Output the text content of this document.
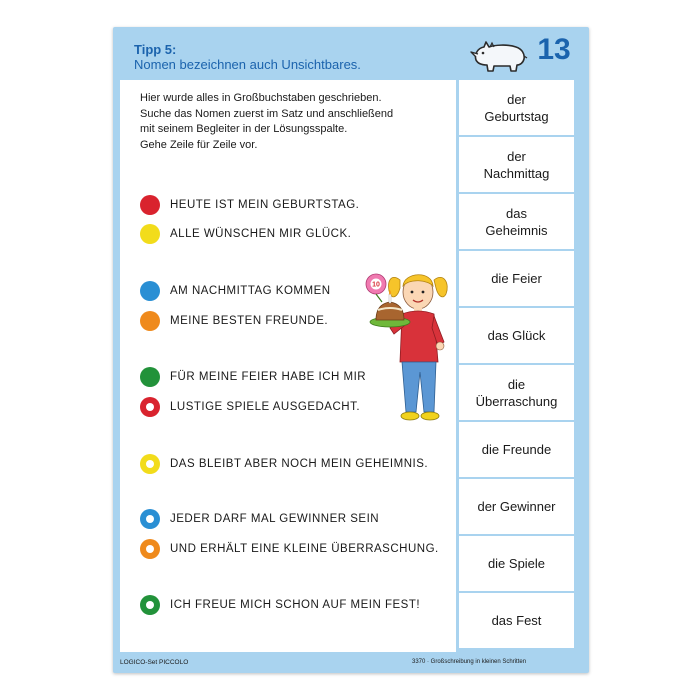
Tipp 5:
Nomen bezeichnen auch Unsichtbares.	13

Hier wurde alles in Großbuchstaben geschrieben.
Suche das Nomen zuerst im Satz und anschließend
mit seinem Begleiter in der Lösungsspalte.
Gehe Zeile für Zeile vor.

HEUTE IST MEIN GEBURTSTAG.
ALLE WÜNSCHEN MIR GLÜCK.
AM NACHMITTAG KOMMEN
MEINE BESTEN FREUNDE.
FÜR MEINE FEIER HABE ICH MIR
LUSTIGE SPIELE AUSGEDACHT.
DAS BLEIBT ABER NOCH MEIN GEHEIMNIS.
JEDER DARF MAL GEWINNER SEIN
UND ERHÄLT EINE KLEINE ÜBERRASCHUNG.
ICH FREUE MICH SCHON AUF MEIN FEST!
10
der
Geburtstag
der
Nachmittag
das
Geheimnis
die Feier
das Glück
die
Überraschung
die Freunde
der Gewinner
die Spiele
das Fest
LOGICO-Set PICCOLO	3370 · Großschreibung in kleinen Schritten
